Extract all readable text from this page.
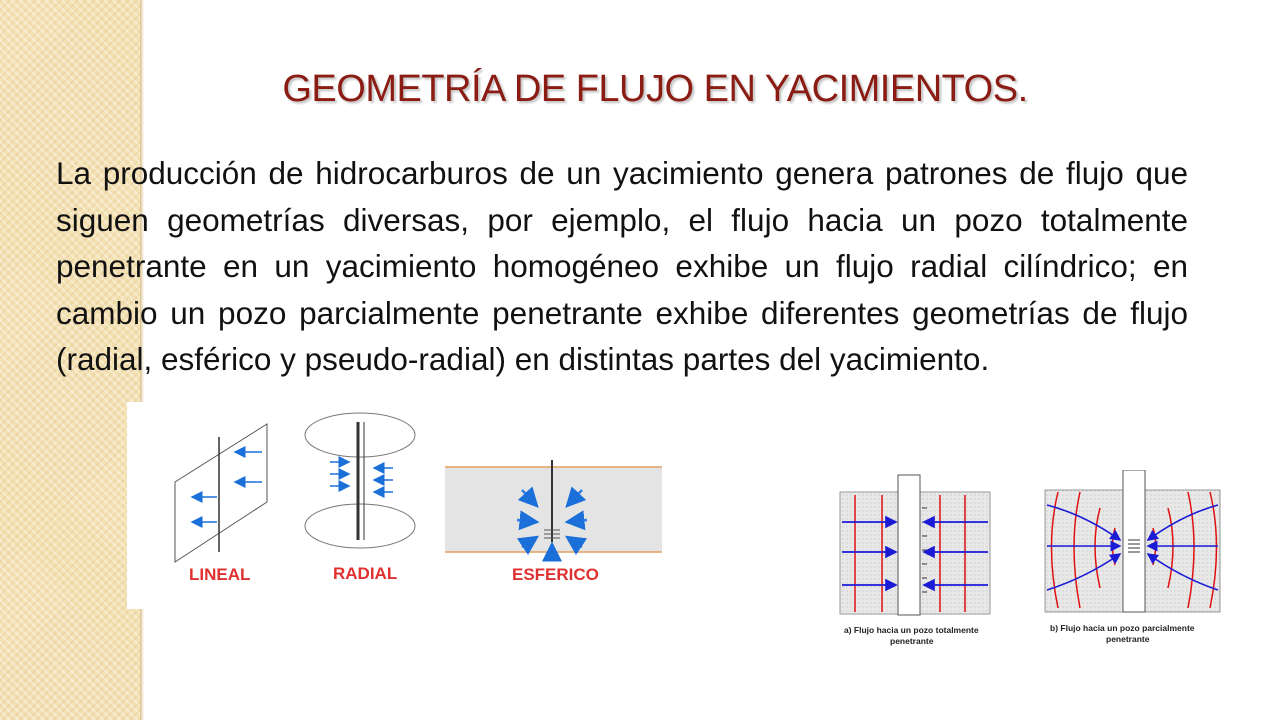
GEOMETRÍA DE FLUJO EN YACIMIENTOS.

La producción de hidrocarburos de un yacimiento genera patrones de flujo que siguen geometrías diversas, por ejemplo, el flujo hacia un pozo totalmente penetrante en un yacimiento homogéneo exhibe un flujo radial cilíndrico; en cambio un pozo parcialmente penetrante exhibe diferentes geometrías de flujo (radial, esférico y pseudo-radial) en distintas partes del yacimiento.

LINEAL	RADIAL	ESFERICO
a) Flujo hacia un pozo totalmente
penetrante
b) Flujo hacia un pozo parcialmente
penetrante
